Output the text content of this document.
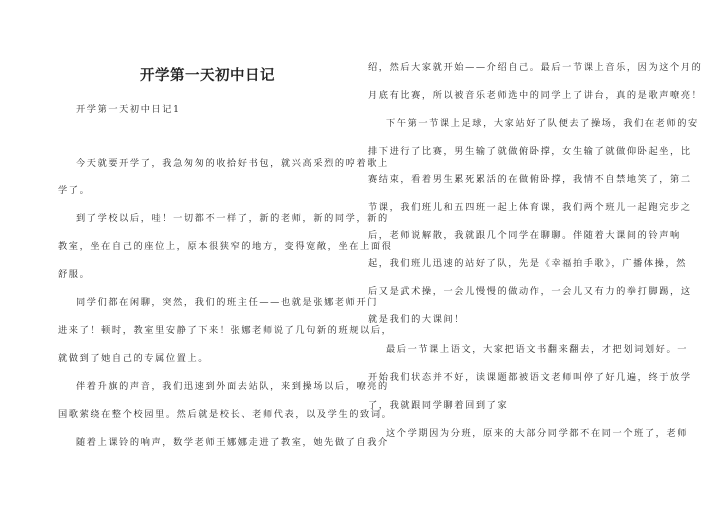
开学第一天初中日记
开学第一天初中日记1
今天就要开学了，我急匆匆的收拾好书包，就兴高采烈的哼着歌上
学了。
到了学校以后，哇！一切都不一样了，新的老师，新的同学，新的
教室，坐在自己的座位上，原本很狭窄的地方，变得宽敞，坐在上面很
舒服。
同学们都在闲聊，突然，我们的班主任——也就是张娜老师开门
进来了！顿时，教室里安静了下来！张娜老师说了几句新的班规以后，
就做到了她自己的专属位置上。
伴着升旗的声音，我们迅速到外面去站队，来到操场以后，嘹亮的
国歌萦绕在整个校园里。然后就是校长、老师代表，以及学生的致词。
随着上课铃的响声，数学老师王娜娜走进了教室，她先做了自我介
绍，然后大家就开始——介绍自己。最后一节课上音乐，因为这个月的
月底有比赛，所以被音乐老师选中的同学上了讲台，真的是歌声嘹亮！
下午第一节课上足球，大家站好了队便去了操场，我们在老师的安
排下进行了比赛，男生输了就做俯卧撑，女生输了就做仰卧起坐，比
赛结束，看着男生累死累活的在做俯卧撑，我情不自禁地笑了，第二
节课，我们班儿和五四班一起上体育课，我们两个班儿一起跑完步之
后，老师说解散，我就跟几个同学在聊聊。伴随着大课间的铃声响
起，我们班儿迅速的站好了队，先是《幸福拍手歌》，广播体操，然
后又是武术操，一会儿慢慢的做动作，一会儿又有力的拳打脚踢，这
就是我们的大课间！
最后一节课上语文，大家把语文书翻来翻去，才把划词划好。一
开始我们状态并不好，读课题都被语文老师叫停了好几遍，终于放学
了，我就跟同学聊着回到了家
这个学期因为分班，原来的大部分同学都不在同一个班了，老师
